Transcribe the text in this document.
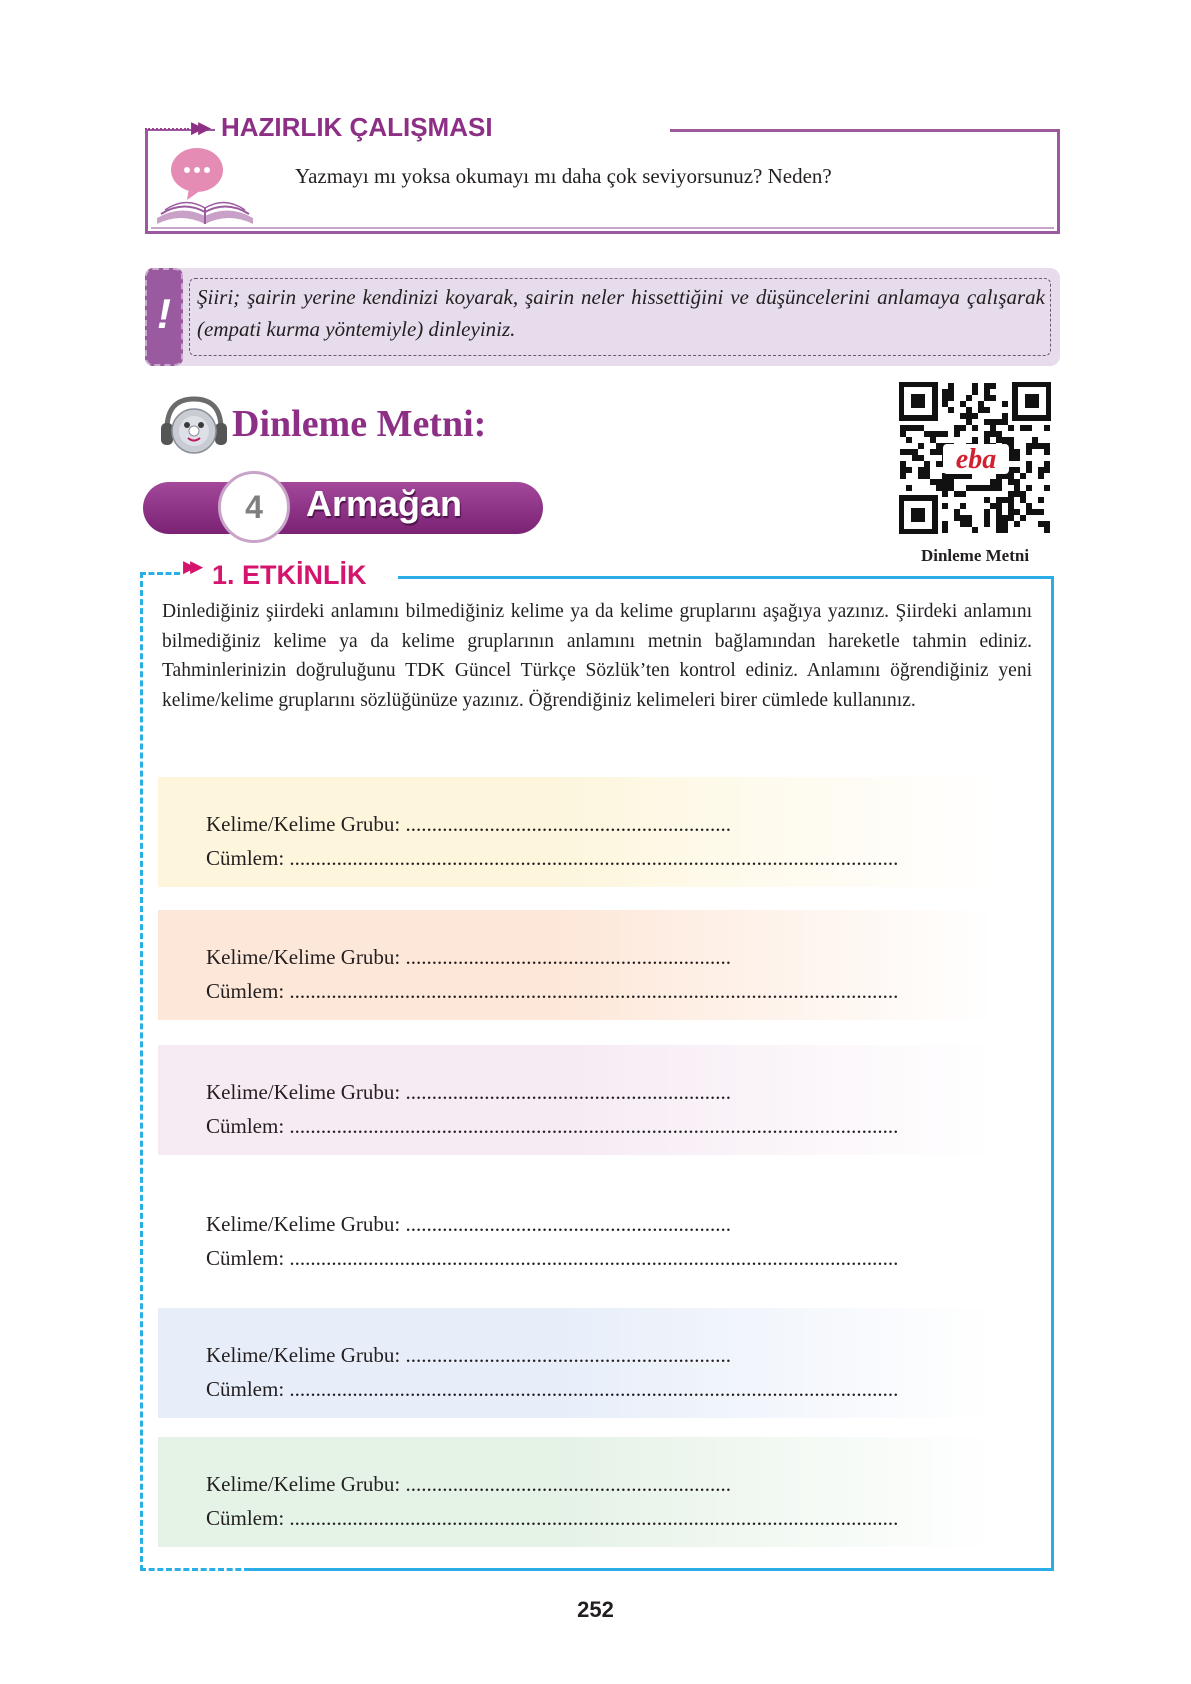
▶▶ HAZIRLIK ÇALIŞMASI

Yazmayı mı yoksa okumayı mı daha çok seviyorsunuz? Neden?

!	Şiiri; şairin yerine kendinizi koyarak, şairin neler hissettiğini ve düşüncelerini anlamaya çalışarak (empati kurma yöntemiyle) dinleyiniz.

Dinleme Metni:
eba
Dinleme Metni
4	Armağan
▶▶ 1. ETKİNLİK

Dinlediğiniz şiirdeki anlamını bilmediğiniz kelime ya da kelime gruplarını aşağıya yazınız. Şiirdeki anlamını bilmediğiniz kelime ya da kelime gruplarının anlamını metnin bağlamından hareketle tahmin ediniz. Tahminlerinizin doğruluğunu TDK Güncel Türkçe Sözlük’ten kontrol ediniz. Anlamını öğrendiğiniz yeni kelime/kelime gruplarını sözlüğünüze yazınız. Öğrendiğiniz kelimeleri birer cümlede kullanınız.

Kelime/Kelime Grubu: ..............................................................
Cümlem: ....................................................................................................................
Kelime/Kelime Grubu: ..............................................................
Cümlem: ....................................................................................................................
Kelime/Kelime Grubu: ..............................................................
Cümlem: ....................................................................................................................
Kelime/Kelime Grubu: ..............................................................
Cümlem: ....................................................................................................................
Kelime/Kelime Grubu: ..............................................................
Cümlem: ....................................................................................................................
Kelime/Kelime Grubu: ..............................................................
Cümlem: ....................................................................................................................
252
